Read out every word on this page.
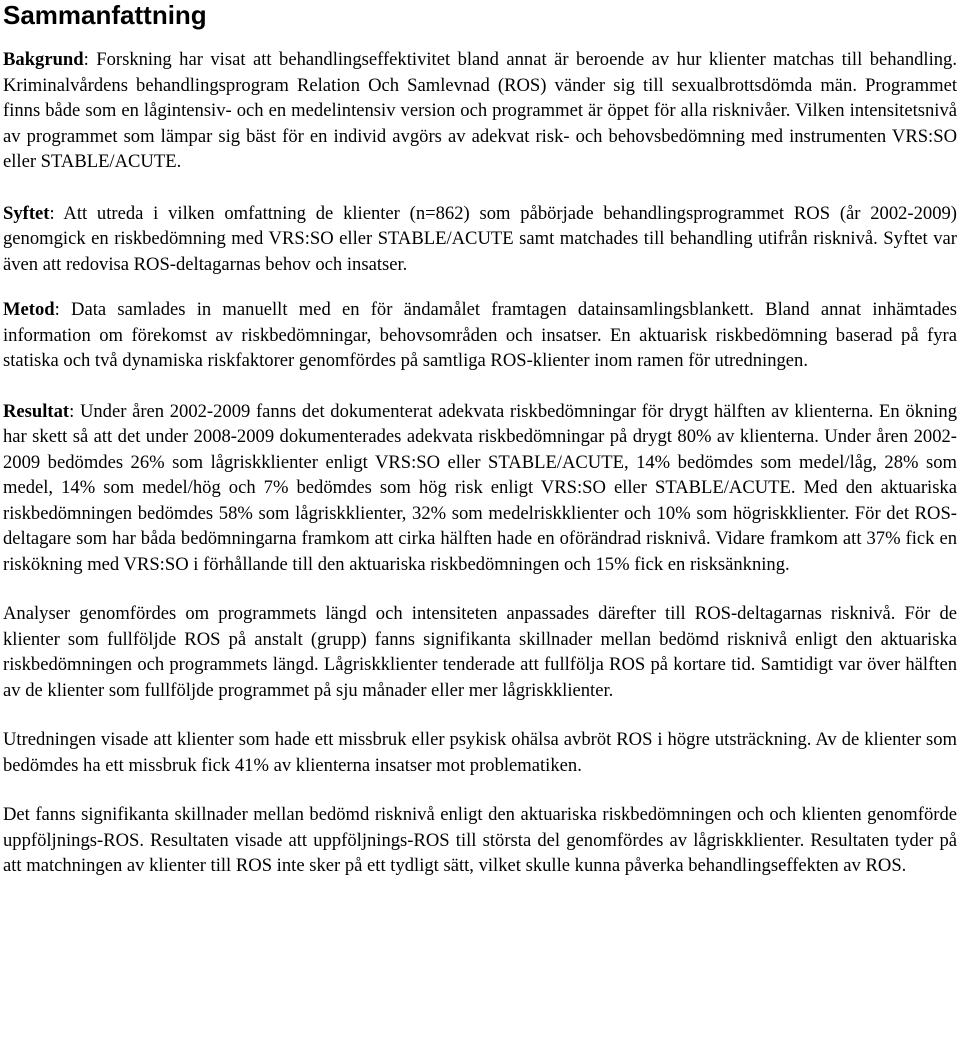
Sammanfattning

Bakgrund: Forskning har visat att behandlingseffektivitet bland annat är beroende av hur klienter matchas till behandling. Kriminalvårdens behandlingsprogram Relation Och Samlevnad (ROS) vänder sig till sexualbrottsdömda män. Programmet finns både som en lågintensiv- och en medelintensiv version och programmet är öppet för alla risknivåer. Vilken intensitetsnivå av programmet som lämpar sig bäst för en individ avgörs av adekvat risk- och behovsbedömning med instrumenten VRS:SO eller STABLE/ACUTE.

Syftet: Att utreda i vilken omfattning de klienter (n=862) som påbörjade behandlingsprogrammet ROS (år 2002-2009) genomgick en riskbedömning med VRS:SO eller STABLE/ACUTE samt matchades till behandling utifrån risknivå. Syftet var även att redovisa ROS-deltagarnas behov och insatser.

Metod: Data samlades in manuellt med en för ändamålet framtagen datainsamlingsblankett. Bland annat inhämtades information om förekomst av riskbedömningar, behovsområden och insatser. En aktuarisk riskbedömning baserad på fyra statiska och två dynamiska riskfaktorer genomfördes på samtliga ROS-klienter inom ramen för utredningen.

Resultat: Under åren 2002-2009 fanns det dokumenterat adekvata riskbedömningar för drygt hälften av klienterna. En ökning har skett så att det under 2008-2009 dokumenterades adekvata riskbedömningar på drygt 80% av klienterna. Under åren 2002-2009 bedömdes 26% som lågriskklienter enligt VRS:SO eller STABLE/ACUTE, 14% bedömdes som medel/låg, 28% som medel, 14% som medel/hög och 7% bedömdes som hög risk enligt VRS:SO eller STABLE/ACUTE. Med den aktuariska riskbedömningen bedömdes 58% som lågriskklienter, 32% som medelriskklienter och 10% som högriskklienter. För det ROS-deltagare som har båda bedömningarna framkom att cirka hälften hade en oförändrad risknivå. Vidare framkom att 37% fick en riskökning med VRS:SO i förhållande till den aktuariska riskbedömningen och 15% fick en risksänkning.

Analyser genomfördes om programmets längd och intensiteten anpassades därefter till ROS-deltagarnas risknivå. För de klienter som fullföljde ROS på anstalt (grupp) fanns signifikanta skillnader mellan bedömd risknivå enligt den aktuariska riskbedömningen och programmets längd. Lågriskklienter tenderade att fullfölja ROS på kortare tid. Samtidigt var över hälften av de klienter som fullföljde programmet på sju månader eller mer lågriskklienter.

Utredningen visade att klienter som hade ett missbruk eller psykisk ohälsa avbröt ROS i högre utsträckning. Av de klienter som bedömdes ha ett missbruk fick 41% av klienterna insatser mot problematiken.

Det fanns signifikanta skillnader mellan bedömd risknivå enligt den aktuariska riskbedömningen och och klienten genomförde uppföljnings-ROS. Resultaten visade att uppföljnings-ROS till största del genomfördes av lågriskklienter. Resultaten tyder på att matchningen av klienter till ROS inte sker på ett tydligt sätt, vilket skulle kunna påverka behandlingseffekten av ROS.
